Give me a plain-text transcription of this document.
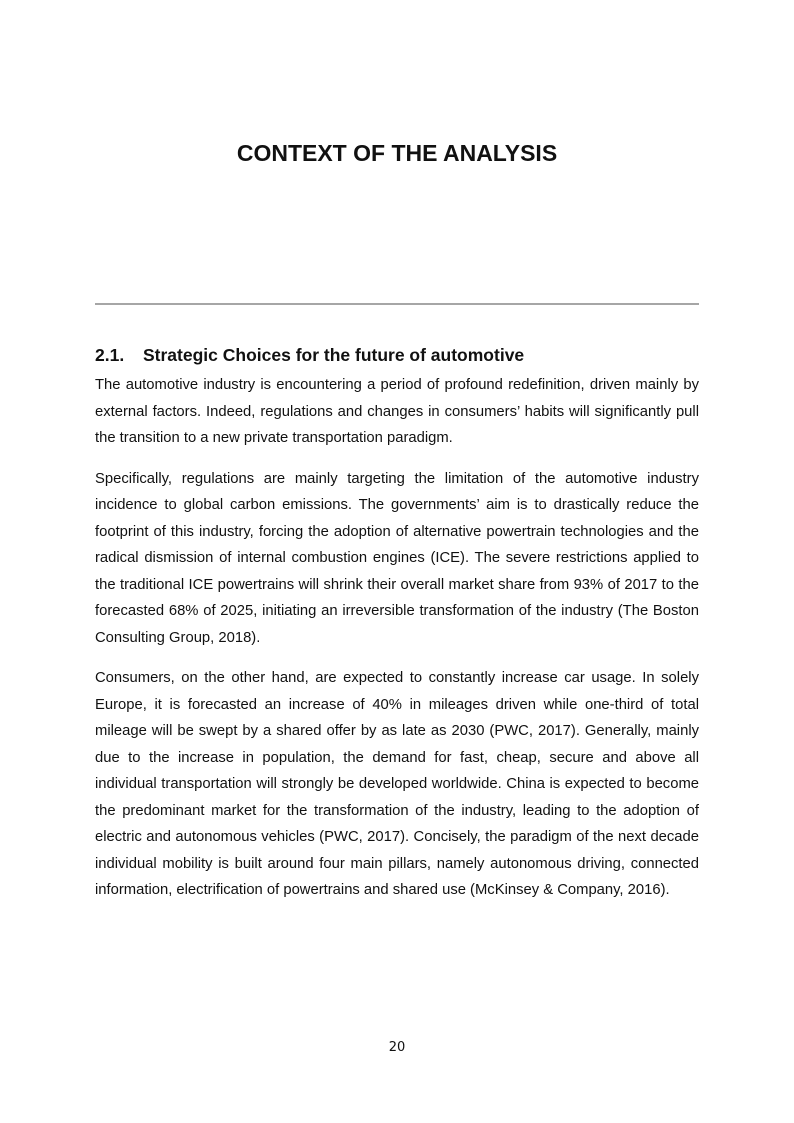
CONTEXT OF THE ANALYSIS
2.1. Strategic Choices for the future of automotive

The automotive industry is encountering a period of profound redefinition, driven mainly by external factors. Indeed, regulations and changes in consumers’ habits will significantly pull the transition to a new private transportation paradigm.

Specifically, regulations are mainly targeting the limitation of the automotive industry incidence to global carbon emissions. The governments’ aim is to drastically reduce the footprint of this industry, forcing the adoption of alternative powertrain technologies and the radical dismission of internal combustion engines (ICE). The severe restrictions applied to the traditional ICE powertrains will shrink their overall market share from 93% of 2017 to the forecasted 68% of 2025, initiating an irreversible transformation of the industry (The Boston Consulting Group, 2018).

Consumers, on the other hand, are expected to constantly increase car usage. In solely Europe, it is forecasted an increase of 40% in mileages driven while one-third of total mileage will be swept by a shared offer by as late as 2030 (PWC, 2017). Generally, mainly due to the increase in population, the demand for fast, cheap, secure and above all individual transportation will strongly be developed worldwide. China is expected to become the predominant market for the transformation of the industry, leading to the adoption of electric and autonomous vehicles (PWC, 2017). Concisely, the paradigm of the next decade individual mobility is built around four main pillars, namely autonomous driving, connected information, electrification of powertrains and shared use (McKinsey & Company, 2016).

20
